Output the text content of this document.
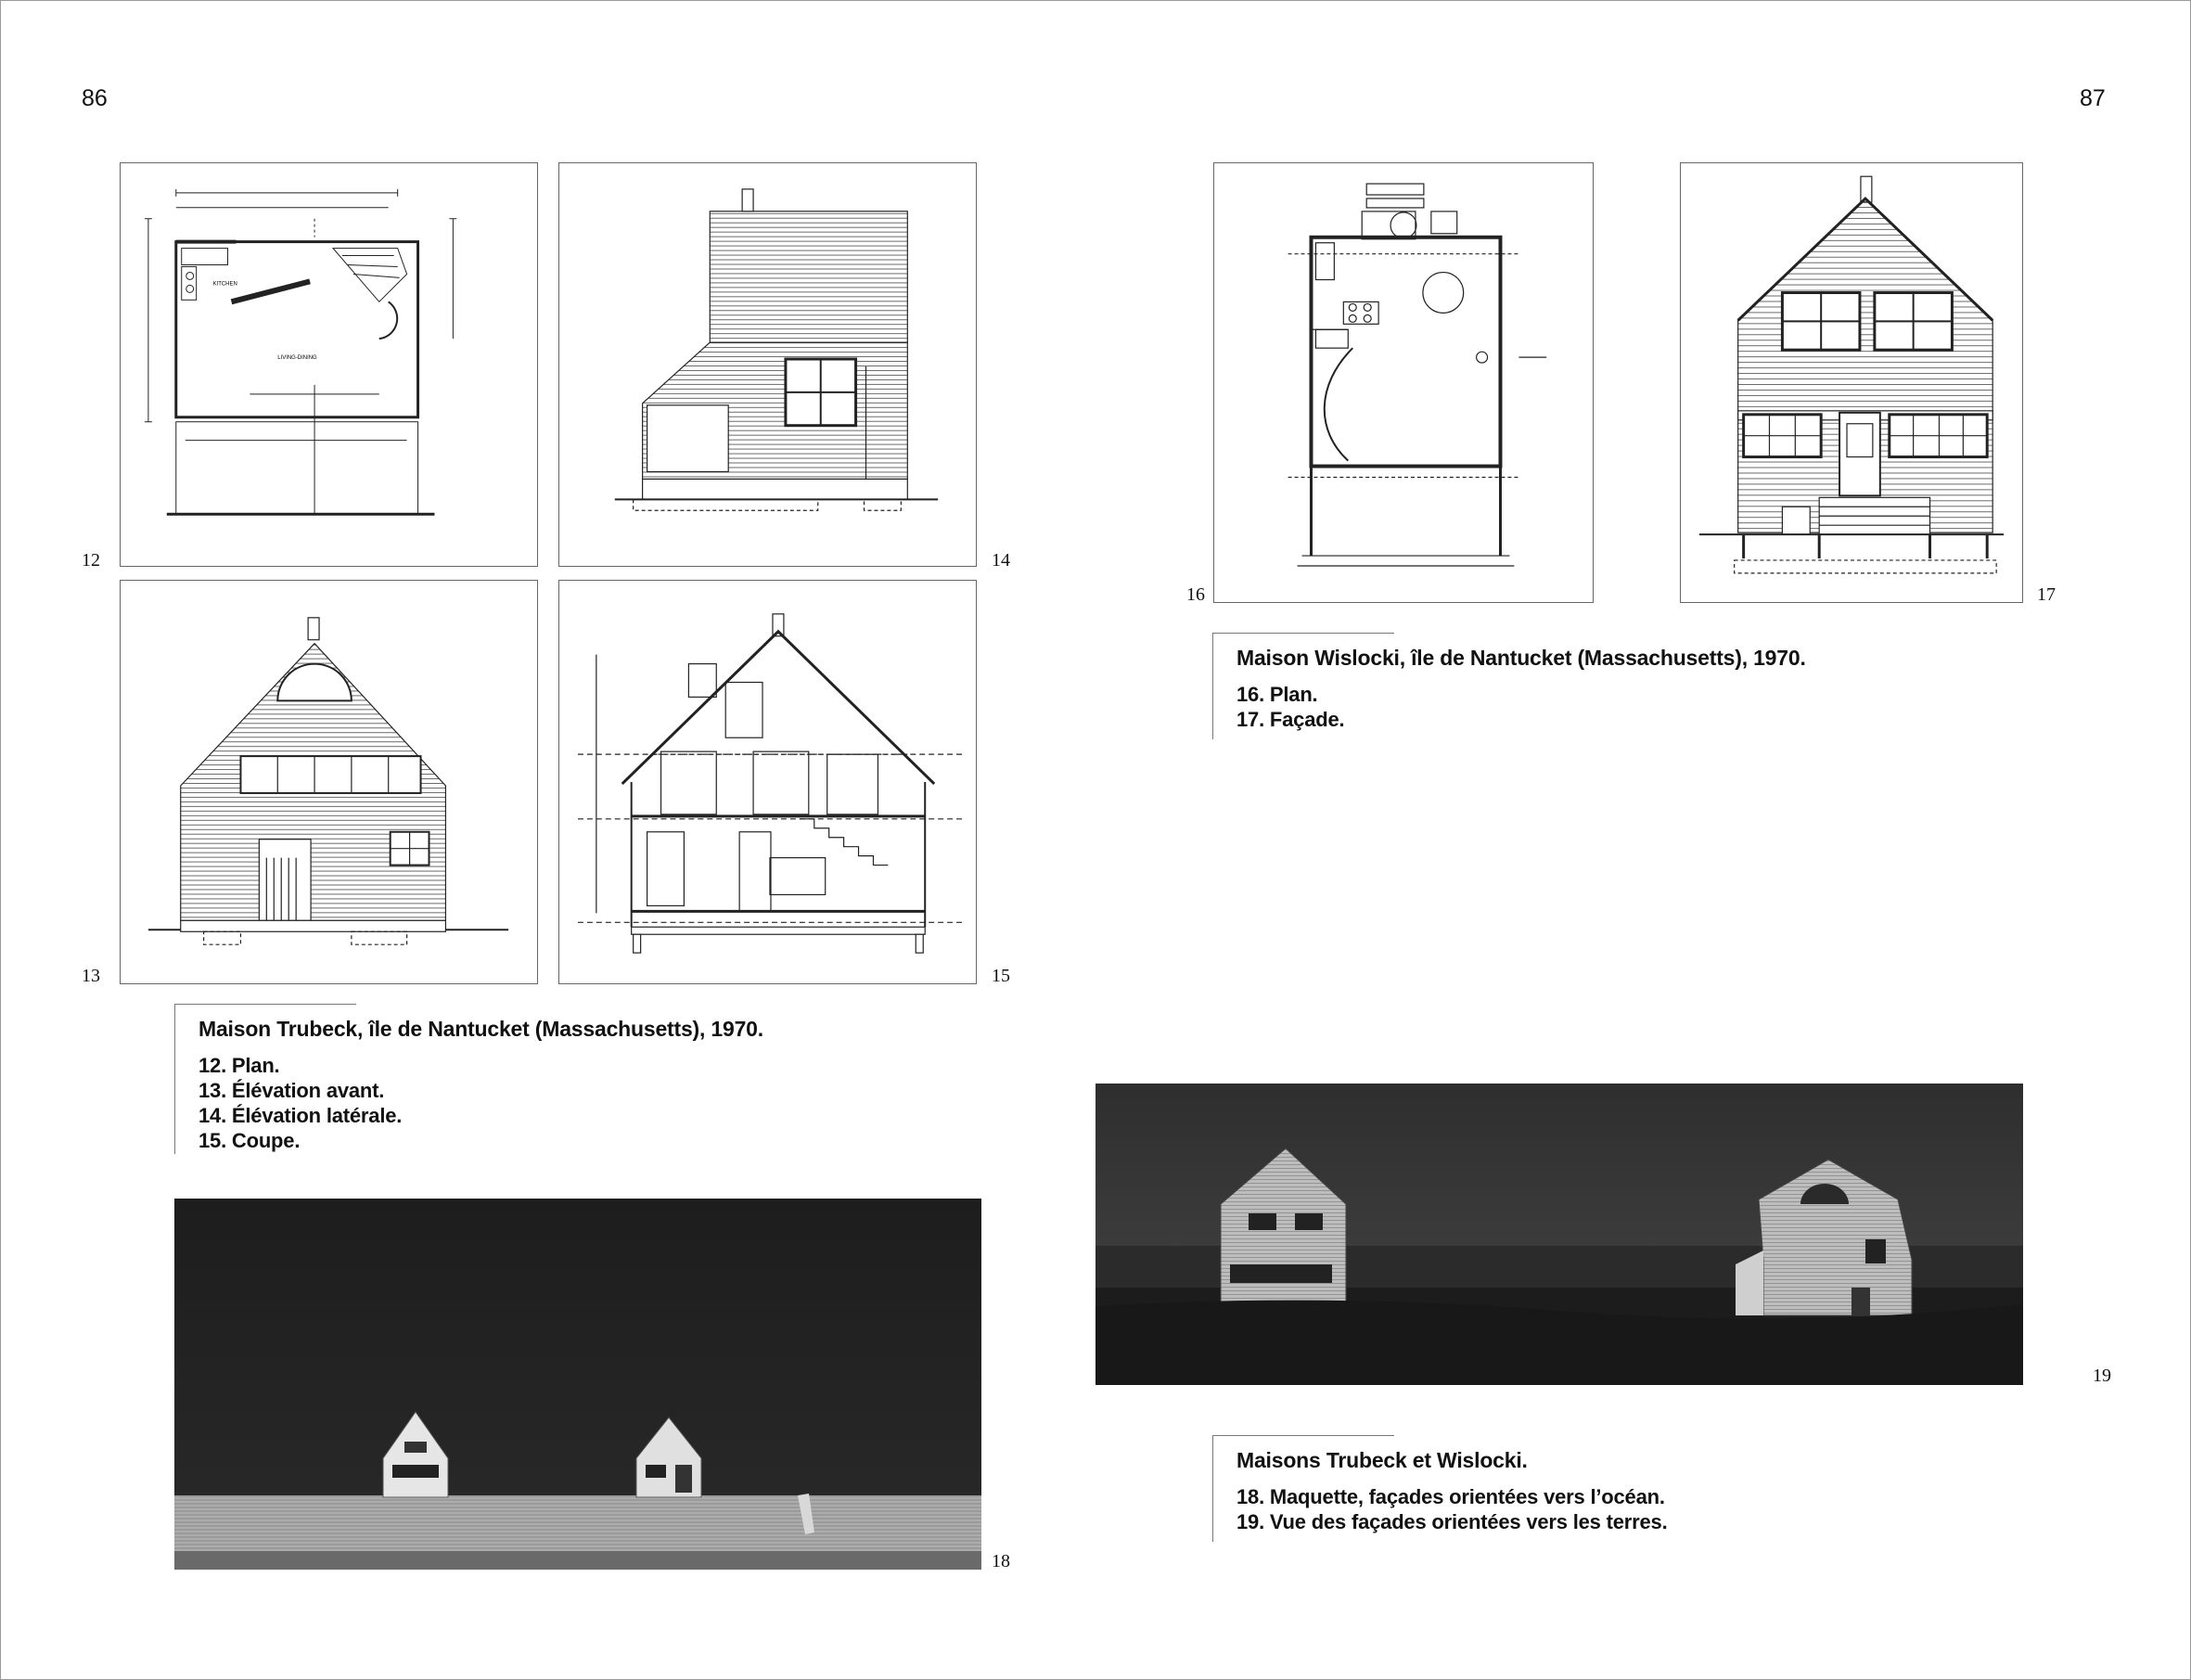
86	87
KITCHEN
LIVING-DINING
12	14
13	15
Maison Trubeck, île de Nantucket (Massachusetts), 1970.
12. Plan.
13. Élévation avant.
14. Élévation latérale.
15. Coupe.
16	17
Maison Wislocki, île de Nantucket (Massachusetts), 1970.
16. Plan.
17. Façade.
18
19
Maisons Trubeck et Wislocki.
18. Maquette, façades orientées vers l’océan.
19. Vue des façades orientées vers les terres.
